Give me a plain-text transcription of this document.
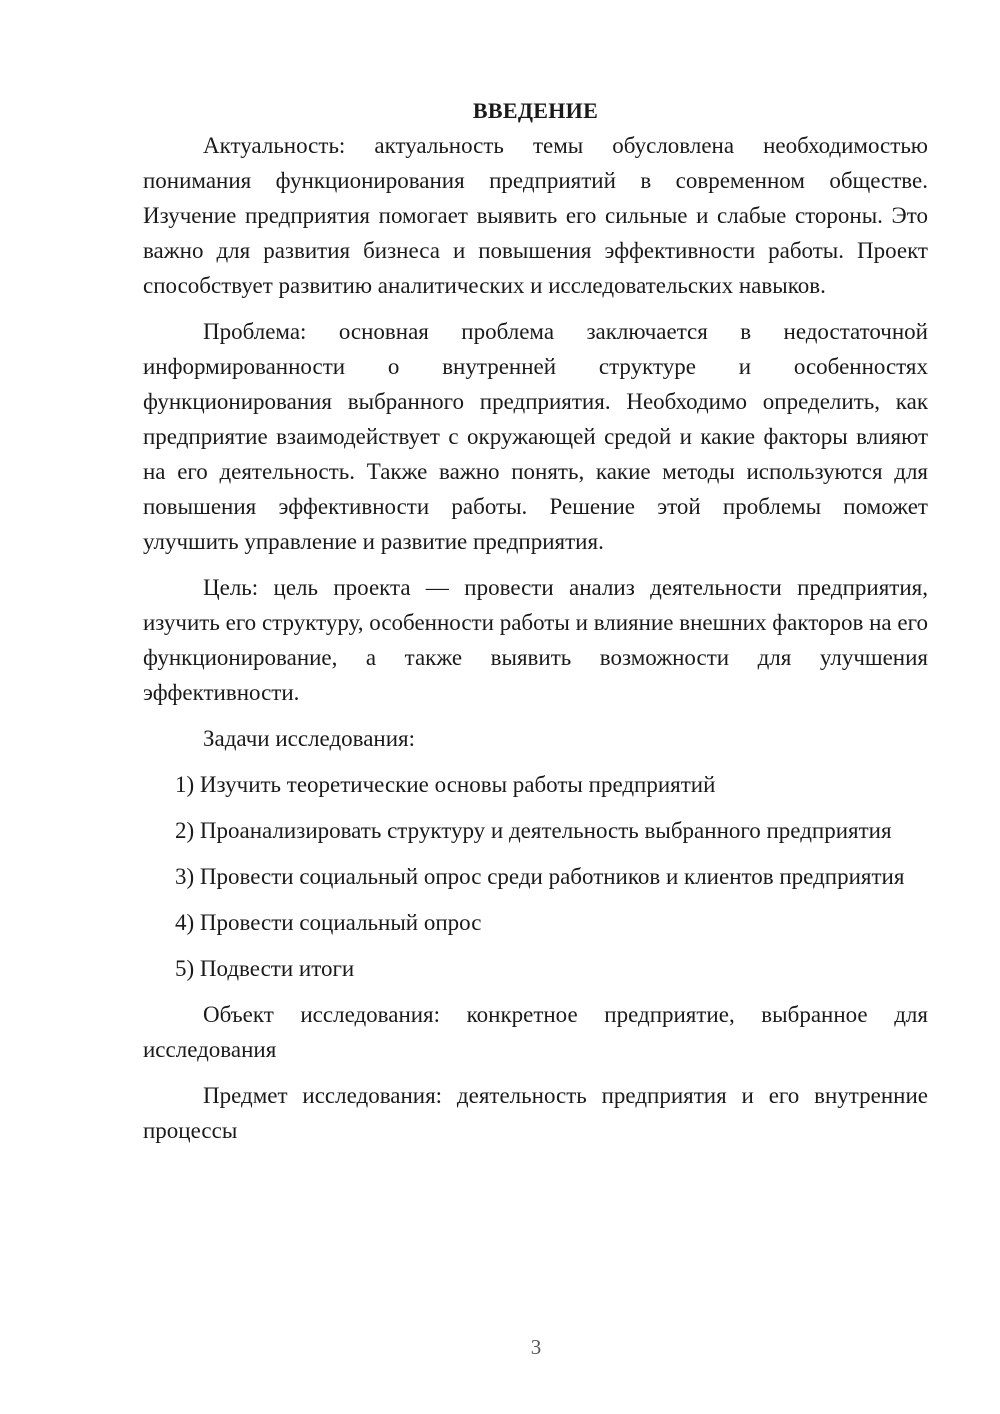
ВВЕДЕНИЕ

Актуальность: актуальность темы обусловлена необходимостью понимания функционирования предприятий в современном обществе. Изучение предприятия помогает выявить его сильные и слабые стороны. Это важно для развития бизнеса и повышения эффективности работы. Проект способствует развитию аналитических и исследовательских навыков.

Проблема: основная проблема заключается в недостаточной информированности о внутренней структуре и особенностях функционирования выбранного предприятия. Необходимо определить, как предприятие взаимодействует с окружающей средой и какие факторы влияют на его деятельность. Также важно понять, какие методы используются для повышения эффективности работы. Решение этой проблемы поможет улучшить управление и развитие предприятия.

Цель: цель проекта — провести анализ деятельности предприятия, изучить его структуру, особенности работы и влияние внешних факторов на его функционирование, а также выявить возможности для улучшения эффективности.

Задачи исследования:

1) Изучить теоретические основы работы предприятий

2) Проанализировать структуру и деятельность выбранного предприятия

3) Провести социальный опрос среди работников и клиентов предприятия

4) Провести социальный опрос

5) Подвести итоги

Объект исследования: конкретное предприятие, выбранное для исследования

Предмет исследования: деятельность предприятия и его внутренние процессы

3
